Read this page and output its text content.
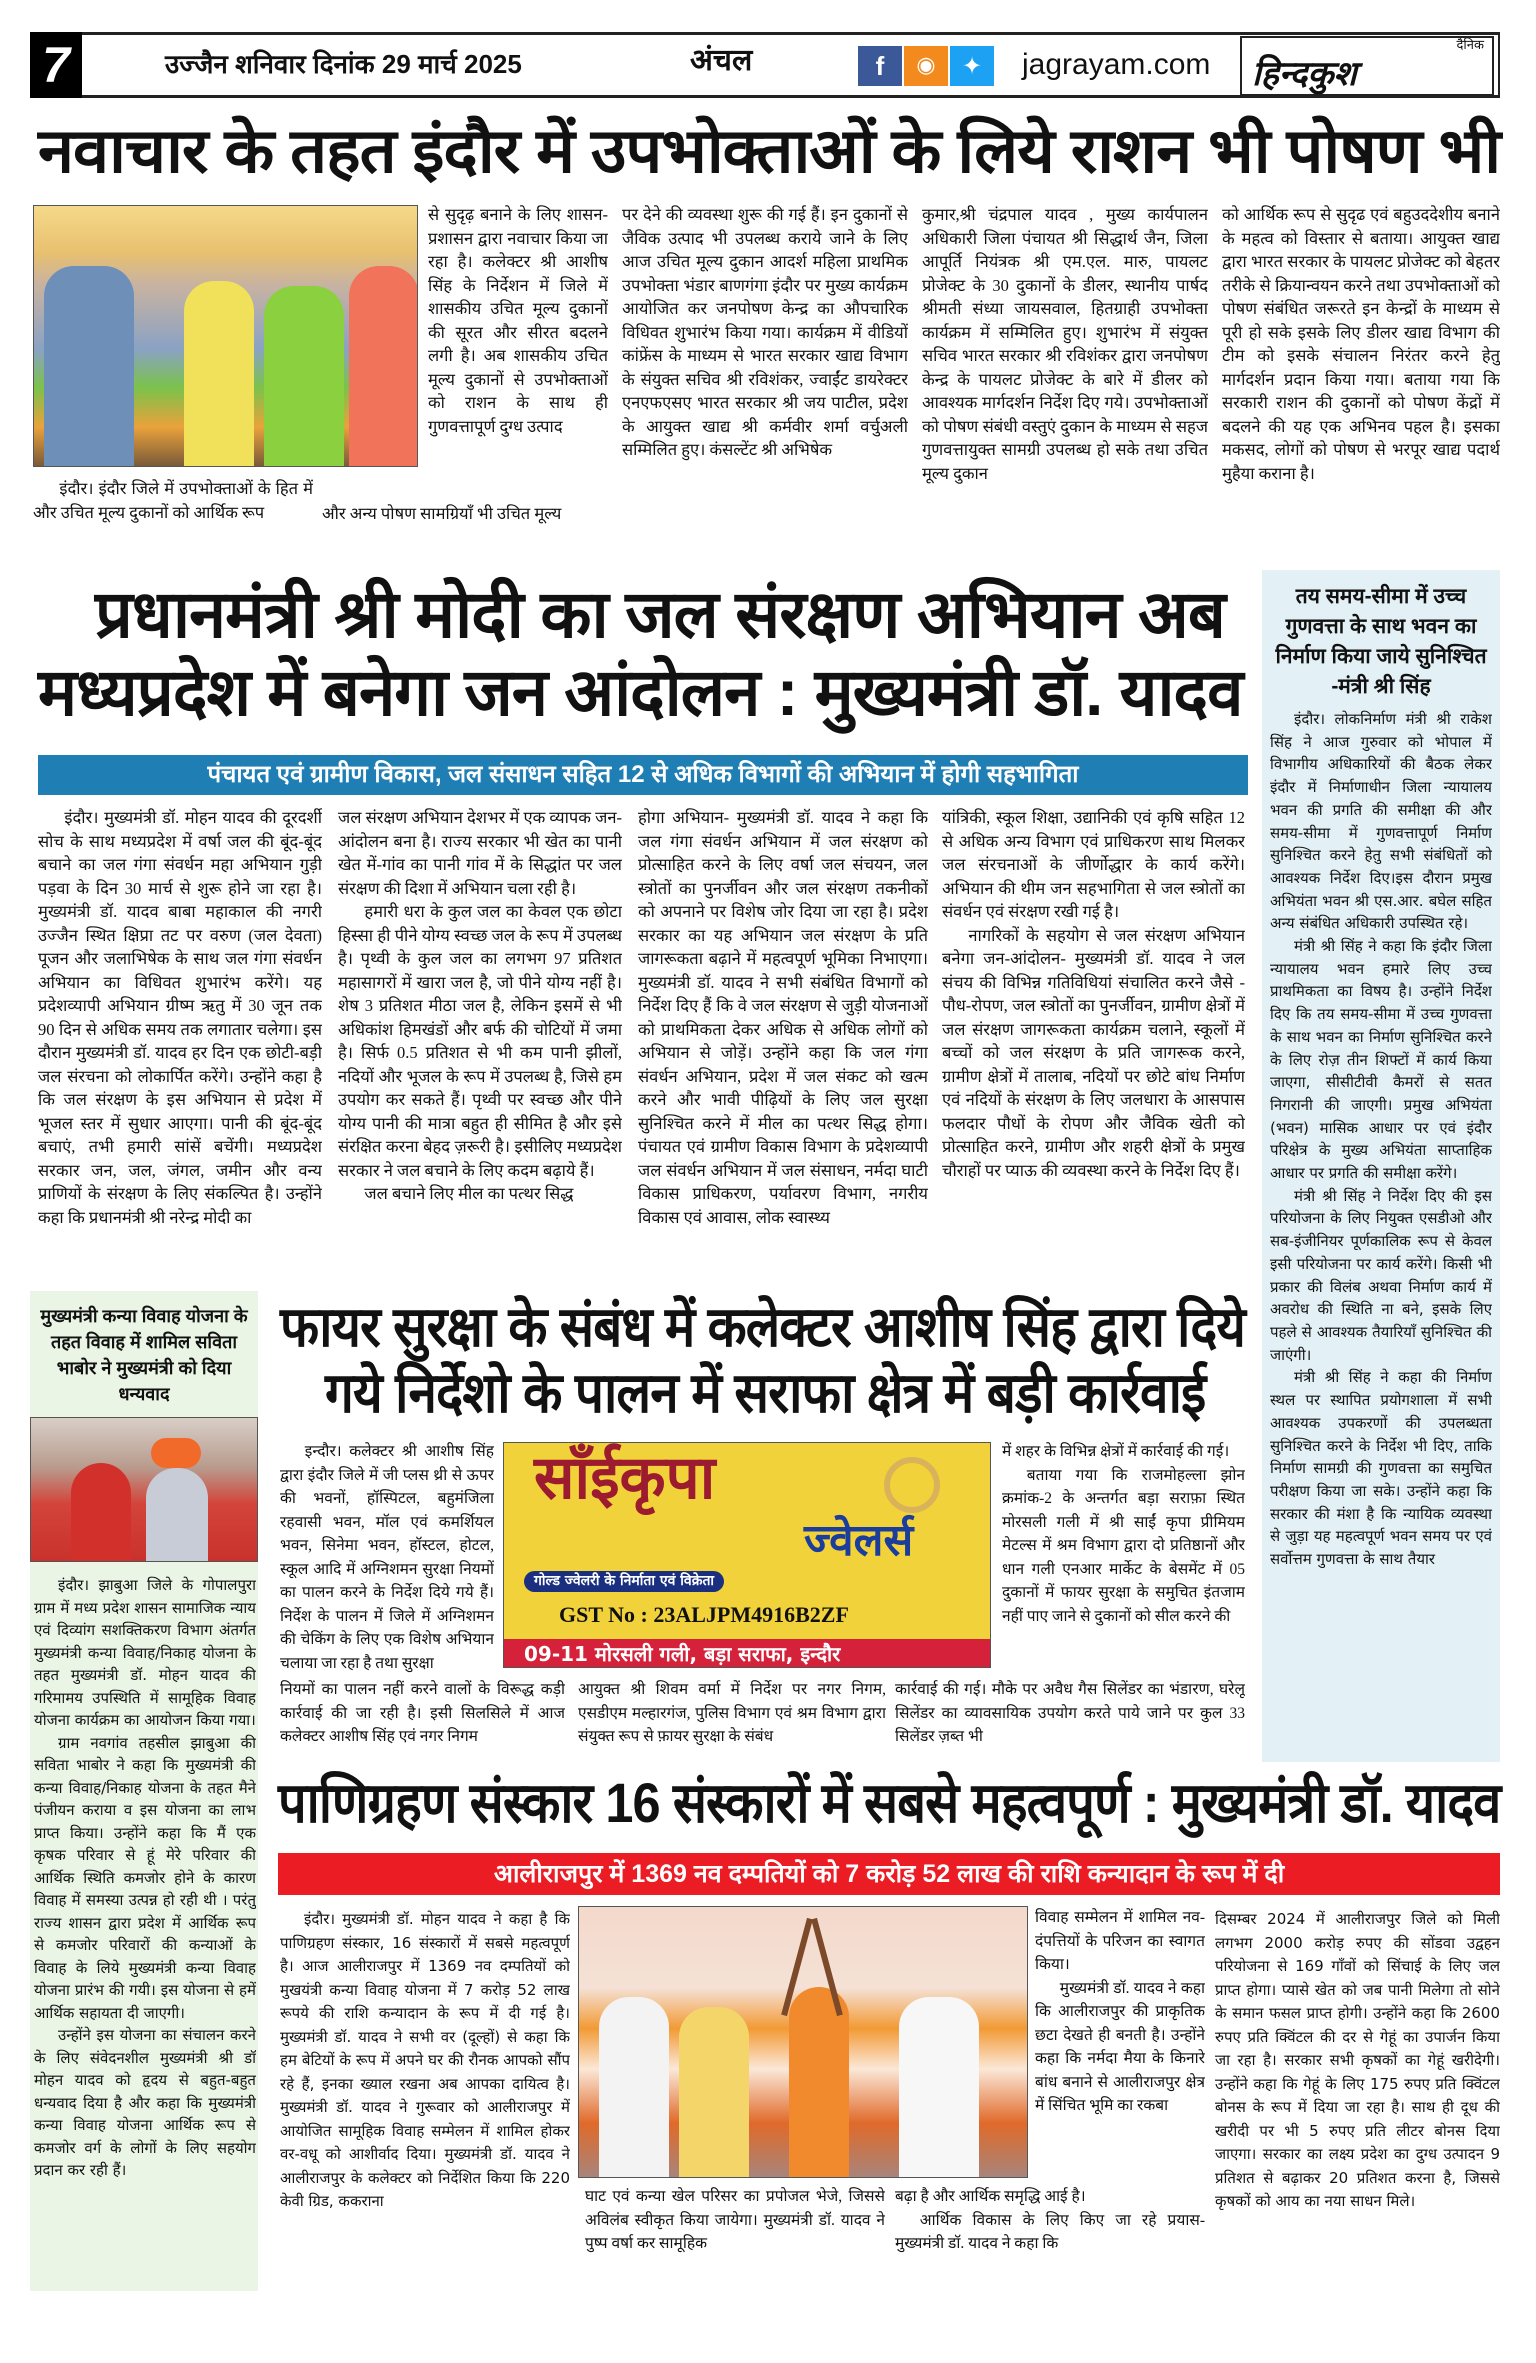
7	उज्जैन शनिवार दिनांक 29 मार्च 2025	अंचल	f	◉	✦	jagrayam.com
दैनिक
हिन्दकुश
नवाचार के तहत इंदौर में उपभोक्ताओं के लिये राशन भी पोषण भी

इंदौर। इंदौर जिले में उपभोक्ताओं के हित में और उचित मूल्य दुकानों को आर्थिक रूप

से सुदृढ़ बनाने के लिए शासन-प्रशासन द्वारा नवाचार किया जा रहा है। कलेक्टर श्री आशीष सिंह के निर्देशन में जिले में शासकीय उचित मूल्य दुकानों की सूरत और सीरत बदलने लगी है। अब शासकीय उचित मूल्य दुकानों से उपभोक्ताओं को राशन के साथ ही गुणवत्तापूर्ण दुग्ध उत्पाद

और अन्य पोषण सामग्रियाँ भी उचित मूल्य

पर देने की व्यवस्था शुरू की गई हैं। इन दुकानों से जैविक उत्पाद भी उपलब्ध कराये जाने के लिए आज उचित मूल्य दुकान आदर्श महिला प्राथमिक उपभोक्ता भंडार बाणगंगा इंदौर पर मुख्य कार्यक्रम आयोजित कर जनपोषण केन्द्र का औपचारिक विधिवत शुभारंभ किया गया। कार्यक्रम में वीडियों कांफ्रेंस के माध्यम से भारत सरकार खाद्य विभाग के संयुक्त सचिव श्री रविशंकर, ज्वाईंट डायरेक्टर एनएफएसए भारत सरकार श्री जय पाटील, प्रदेश के आयुक्त खाद्य श्री कर्मवीर शर्मा वर्चुअली सम्मिलित हुए। कंसल्टेंट श्री अभिषेक

कुमार,श्री चंद्रपाल यादव , मुख्य कार्यपालन अधिकारी जिला पंचायत श्री सिद्धार्थ जैन, जिला आपूर्ति नियंत्रक श्री एम.एल. मारु, पायलट प्रोजेक्ट के 30 दुकानों के डीलर, स्थानीय पार्षद श्रीमती संध्या जायसवाल, हितग्राही उपभोक्ता कार्यक्रम में सम्मिलित हुए। शुभारंभ में संयुक्त सचिव भारत सरकार श्री रविशंकर द्वारा जनपोषण केन्द्र के पायलट प्रोजेक्ट के बारे में डीलर को आवश्यक मार्गदर्शन निर्देश दिए गये। उपभोक्ताओं को पोषण संबंधी वस्तुएं दुकान के माध्यम से सहज गुणवत्तायुक्त सामग्री उपलब्ध हो सके तथा उचित मूल्य दुकान

को आर्थिक रूप से सुदृढ एवं बहुउददेशीय बनाने के महत्व को विस्तार से बताया। आयुक्त खाद्य द्वारा भारत सरकार के पायलट प्रोजेक्ट को बेहतर तरीके से क्रियान्वयन करने तथा उपभोक्ताओं को पोषण संबंधित जरूरते इन केन्द्रों के माध्यम से पूरी हो सके इसके लिए डीलर खाद्य विभाग की टीम को इसके संचालन निरंतर करने हेतु मार्गदर्शन प्रदान किया गया। बताया गया कि सरकारी राशन की दुकानों को पोषण केंद्रों में बदलने की यह एक अभिनव पहल है। इसका मकसद, लोगों को पोषण से भरपूर खाद्य पदार्थ मुहैया कराना है।

प्रधानमंत्री श्री मोदी का जल संरक्षण अभियान अब
मध्यप्रदेश में बनेगा जन आंदोलन : मुख्यमंत्री डॉ. यादव
पंचायत एवं ग्रामीण विकास, जल संसाधन सहित 12 से अधिक विभागों की अभियान में होगी सहभागिता

इंदौर। मुख्यमंत्री डॉ. मोहन यादव की दूरदर्शी सोच के साथ मध्यप्रदेश में वर्षा जल की बूंद-बूंद बचाने का जल गंगा संवर्धन महा अभियान गुड़ी पड़वा के दिन 30 मार्च से शुरू होने जा रहा है। मुख्यमंत्री डॉ. यादव बाबा महाकाल की नगरी उज्जैन स्थित क्षिप्रा तट पर वरुण (जल देवता) पूजन और जलाभिषेक के साथ जल गंगा संवर्धन अभियान का विधिवत शुभारंभ करेंगे। यह प्रदेशव्यापी अभियान ग्रीष्म ऋतु में 30 जून तक 90 दिन से अधिक समय तक लगातार चलेगा। इस दौरान मुख्यमंत्री डॉ. यादव हर दिन एक छोटी-बड़ी जल संरचना को लोकार्पित करेंगे। उन्होंने कहा है कि जल संरक्षण के इस अभियान से प्रदेश में भूजल स्तर में सुधार आएगा। पानी की बूंद-बूंद बचाएं, तभी हमारी सांसें बचेंगी। मध्यप्रदेश सरकार जन, जल, जंगल, जमीन और वन्य प्राणियों के संरक्षण के लिए संकल्पित है। उन्होंने कहा कि प्रधानमंत्री श्री नरेन्द्र मोदी का

जल संरक्षण अभियान देशभर में एक व्यापक जन-आंदोलन बना है। राज्य सरकार भी खेत का पानी खेत में-गांव का पानी गांव में के सिद्धांत पर जल संरक्षण की दिशा में अभियान चला रही है।

हमारी धरा के कुल जल का केवल एक छोटा हिस्सा ही पीने योग्य स्वच्छ जल के रूप में उपलब्ध है। पृथ्वी के कुल जल का लगभग 97 प्रतिशत महासागरों में खारा जल है, जो पीने योग्य नहीं है। शेष 3 प्रतिशत मीठा जल है, लेकिन इसमें से भी अधिकांश हिमखंडों और बर्फ की चोटियों में जमा है। सिर्फ 0.5 प्रतिशत से भी कम पानी झीलों, नदियों और भूजल के रूप में उपलब्ध है, जिसे हम उपयोग कर सकते हैं। पृथ्वी पर स्वच्छ और पीने योग्य पानी की मात्रा बहुत ही सीमित है और इसे संरक्षित करना बेहद ज़रूरी है। इसीलिए मध्यप्रदेश सरकार ने जल बचाने के लिए कदम बढ़ाये हैं।

जल बचाने लिए मील का पत्थर सिद्ध

होगा अभियान- मुख्यमंत्री डॉ. यादव ने कहा कि जल गंगा संवर्धन अभियान में जल संरक्षण को प्रोत्साहित करने के लिए वर्षा जल संचयन, जल स्त्रोतों का पुनर्जीवन और जल संरक्षण तकनीकों को अपनाने पर विशेष जोर दिया जा रहा है। प्रदेश सरकार का यह अभियान जल संरक्षण के प्रति जागरूकता बढ़ाने में महत्वपूर्ण भूमिका निभाएगा। मुख्यमंत्री डॉ. यादव ने सभी संबंधित विभागों को निर्देश दिए हैं कि वे जल संरक्षण से जुड़ी योजनाओं को प्राथमिकता देकर अधिक से अधिक लोगों को अभियान से जोड़ें। उन्होंने कहा कि जल गंगा संवर्धन अभियान, प्रदेश में जल संकट को खत्म करने और भावी पीढ़ियों के लिए जल सुरक्षा सुनिश्चित करने में मील का पत्थर सिद्ध होगा। पंचायत एवं ग्रामीण विकास विभाग के प्रदेशव्यापी जल संवर्धन अभियान में जल संसाधन, नर्मदा घाटी विकास प्राधिकरण, पर्यावरण विभाग, नगरीय विकास एवं आवास, लोक स्वास्थ्य

यांत्रिकी, स्कूल शिक्षा, उद्यानिकी एवं कृषि सहित 12 से अधिक अन्य विभाग एवं प्राधिकरण साथ मिलकर जल संरचनाओं के जीर्णोद्धार के कार्य करेंगे। अभियान की थीम जन सहभागिता से जल स्त्रोतों का संवर्धन एवं संरक्षण रखी गई है।

नागरिकों के सहयोग से जल संरक्षण अभियान बनेगा जन-आंदोलन- मुख्यमंत्री डॉ. यादव ने जल संचय की विभिन्न गतिविधियां संचालित करने जैसे - पौध-रोपण, जल स्त्रोतों का पुनर्जीवन, ग्रामीण क्षेत्रों में जल संरक्षण जागरूकता कार्यक्रम चलाने, स्कूलों में बच्चों को जल संरक्षण के प्रति जागरूक करने, ग्रामीण क्षेत्रों में तालाब, नदियों पर छोटे बांध निर्माण एवं नदियों के संरक्षण के लिए जलधारा के आसपास फलदार पौधों के रोपण और जैविक खेती को प्रोत्साहित करने, ग्रामीण और शहरी क्षेत्रों के प्रमुख चौराहों पर प्याऊ की व्यवस्था करने के निर्देश दिए हैं।

तय समय-सीमा में उच्च गुणवत्ता के साथ भवन का निर्माण किया जाये सुनिश्चित -मंत्री श्री सिंह

इंदौर। लोकनिर्माण मंत्री श्री राकेश सिंह ने आज गुरुवार को भोपाल में विभागीय अधिकारियों की बैठक लेकर इंदौर में निर्माणाधीन जिला न्यायालय भवन की प्रगति की समीक्षा की और समय-सीमा में गुणवत्तापूर्ण निर्माण सुनिश्चित करने हेतु सभी संबंधितों को आवश्यक निर्देश दिए।इस दौरान प्रमुख अभियंता भवन श्री एस.आर. बघेल सहित अन्य संबंधित अधिकारी उपस्थित रहे।

मंत्री श्री सिंह ने कहा कि इंदौर जिला न्यायालय भवन हमारे लिए उच्च प्राथमिकता का विषय है। उन्होंने निर्देश दिए कि तय समय-सीमा में उच्च गुणवत्ता के साथ भवन का निर्माण सुनिश्चित करने के लिए रोज़ तीन शिफ्टों में कार्य किया जाएगा, सीसीटीवी कैमरों से सतत निगरानी की जाएगी। प्रमुख अभियंता (भवन) मासिक आधार पर एवं इंदौर परिक्षेत्र के मुख्य अभियंता साप्ताहिक आधार पर प्रगति की समीक्षा करेंगे।

मंत्री श्री सिंह ने निर्देश दिए की इस परियोजना के लिए नियुक्त एसडीओ और सब-इंजीनियर पूर्णकालिक रूप से केवल इसी परियोजना पर कार्य करेंगे। किसी भी प्रकार की विलंब अथवा निर्माण कार्य में अवरोध की स्थिति ना बने, इसके लिए पहले से आवश्यक तैयारियाँ सुनिश्चित की जाएंगी।

मंत्री श्री सिंह ने कहा की निर्माण स्थल पर स्थापित प्रयोगशाला में सभी आवश्यक उपकरणों की उपलब्धता सुनिश्चित करने के निर्देश भी दिए, ताकि निर्माण सामग्री की गुणवत्ता का समुचित परीक्षण किया जा सके। उन्होंने कहा कि सरकार की मंशा है कि न्यायिक व्यवस्था से जुड़ा यह महत्वपूर्ण भवन समय पर एवं सर्वोत्तम गुणवत्ता के साथ तैयार

मुख्यमंत्री कन्या विवाह योजना के तहत विवाह में शामिल सविता भाबोर ने मुख्यमंत्री को दिया धन्यवाद

इंदौर। झाबुआ जिले के गोपालपुरा ग्राम में मध्य प्रदेश शासन सामाजिक न्याय एवं दिव्यांग सशक्तिकरण विभाग अंतर्गत मुख्यमंत्री कन्या विवाह/निकाह योजना के तहत मुख्यमंत्री डॉ. मोहन यादव की गरिमामय उपस्थिति में सामूहिक विवाह योजना कार्यक्रम का आयोजन किया गया।

ग्राम नवगांव तहसील झाबुआ की सविता भाबोर ने कहा कि मुख्यमंत्री की कन्या विवाह/निकाह योजना के तहत मैने पंजीयन कराया व इस योजना का लाभ प्राप्त किया। उन्होंने कहा कि मैं एक कृषक परिवार से हूं मेरे परिवार की आर्थिक स्थिति कमजोर होने के कारण विवाह में समस्या उत्पन्न हो रही थी । परंतु राज्य शासन द्वारा प्रदेश में आर्थिक रूप से कमजोर परिवारों की कन्याओं के विवाह के लिये मुख्यमंत्री कन्या विवाह योजना प्रारंभ की गयी। इस योजना से हमें आर्थिक सहायता दी जाएगी।

उन्होंने इस योजना का संचालन करने के लिए संवेदनशील मुख्यमंत्री श्री डॉ मोहन यादव को हृदय से बहुत-बहुत धन्यवाद दिया है और कहा कि मुख्यमंत्री कन्या विवाह योजना आर्थिक रूप से कमजोर वर्ग के लोगों के लिए सहयोग प्रदान कर रही हैं।

फायर सुरक्षा के संबंध में कलेक्टर आशीष सिंह द्वारा दिये
गये निर्देशो के पालन में सराफा क्षेत्र में बड़ी कार्रवाई
साँईकृपा
ज्वेलर्स
गोल्ड ज्वेलरी के निर्माता एवं विक्रेता
GST No : 23ALJPM4916B2ZF
09-11 मोरसली गली, बड़ा सराफा, इन्दौर

इन्दौर। कलेक्टर श्री आशीष सिंह द्वारा इंदौर जिले में जी प्लस थ्री से ऊपर की भवनों, हॉस्पिटल, बहुमंजिला रहवासी भवन, मॉल एवं कमर्शियल भवन, सिनेमा भवन, हॉस्टल, होटल, स्कूल आदि में अग्निशमन सुरक्षा नियमों का पालन करने के निर्देश दिये गये हैं। निर्देश के पालन में जिले में अग्निशमन की चेकिंग के लिए एक विशेष अभियान चलाया जा रहा है तथा सुरक्षा

में शहर के विभिन्न क्षेत्रों में कार्रवाई की गई।

बताया गया कि राजमोहल्ला झोन क्रमांक-2 के अन्तर्गत बड़ा सराफ़ा स्थित मोरसली गली में श्री साईं कृपा प्रीमियम मेटल्स में श्रम विभाग द्वारा दो प्रतिष्ठानों और धान गली एनआर मार्केट के बेसमेंट में 05 दुकानों में फायर सुरक्षा के समुचित इंतजाम नहीं पाए जाने से दुकानों को सील करने की

नियमों का पालन नहीं करने वालों के विरूद्ध कड़ी कार्रवाई की जा रही है। इसी सिलसिले में आज कलेक्टर आशीष सिंह एवं नगर निगम

आयुक्त श्री शिवम वर्मा में निर्देश पर नगर निगम, एसडीएम मल्हारगंज, पुलिस विभाग एवं श्रम विभाग द्वारा संयुक्त रूप से फ़ायर सुरक्षा के संबंध

कार्रवाई की गई। मौके पर अवैध गैस सिलेंडर का भंडारण, घरेलू सिलेंडर का व्यावसायिक उपयोग करते पाये जाने पर कुल 33 सिलेंडर ज़ब्त भी

पाणिग्रहण संस्कार 16 संस्कारों में सबसे महत्वपूर्ण : मुख्यमंत्री डॉ. यादव
आलीराजपुर में 1369 नव दम्पतियों को 7 करोड़ 52 लाख की राशि कन्यादान के रूप में दी

इंदौर। मुख्यमंत्री डॉ. मोहन यादव ने कहा है कि पाणिग्रहण संस्कार, 16 संस्कारों में सबसे महत्वपूर्ण है। आज आलीराजपुर में 1369 नव दम्पतियों को मुखयंत्री कन्या विवाह योजना में 7 करोड़ 52 लाख रूपये की राशि कन्यादान के रूप में दी गई है। मुख्यमंत्री डॉ. यादव ने सभी वर (दूल्हों) से कहा कि हम बेटियों के रूप में अपने घर की रौनक आपको सौंप रहे हैं, इनका ख्याल रखना अब आपका दायित्व है। मुख्यमंत्री डॉ. यादव ने गुरूवार को आलीराजपुर में आयोजित सामूहिक विवाह सम्मेलन में शामिल होकर वर-वधू को आशीर्वाद दिया। मुख्यमंत्री डॉ. यादव ने आलीराजपुर के कलेक्टर को निर्देशित किया कि 220 केवी ग्रिड, ककराना	घाट एवं कन्या खेल परिसर का प्रपोजल भेजे, जिससे अविलंब स्वीकृत किया जायेगा। मुख्यमंत्री डॉ. यादव ने पुष्प वर्षा कर सामूहिक

विवाह सम्मेलन में शामिल नव-दंपत्तियों के परिजन का स्वागत किया।

मुख्यमंत्री डॉ. यादव ने कहा कि आलीराजपुर की प्राकृतिक छटा देखते ही बनती है। उन्होंने कहा कि नर्मदा मैया के किनारे बांध बनाने से आलीराजपुर क्षेत्र में सिंचित भूमि का रकबा

बढ़ा है और आर्थिक समृद्धि आई है।

आर्थिक विकास के लिए किए जा रहे प्रयास- मुख्यमंत्री डॉ. यादव ने कहा कि

दिसम्बर 2024 में आलीराजपुर जिले को मिली लगभग 2000 करोड़ रुपए की सोंडवा उद्वहन परियोजना से 169 गाँवों को सिंचाई के लिए जल प्राप्त होगा। प्यासे खेत को जब पानी मिलेगा तो सोने के समान फसल प्राप्त होगी। उन्होंने कहा कि 2600 रुपए प्रति क्विंटल की दर से गेहूं का उपार्जन किया जा रहा है। सरकार सभी कृषकों का गेहूं खरीदेगी। उन्होंने कहा कि गेहूं के लिए 175 रुपए प्रति क्विंटल बोनस के रूप में दिया जा रहा है। साथ ही दूध की खरीदी पर भी 5 रुपए प्रति लीटर बोनस दिया जाएगा। सरकार का लक्ष्य प्रदेश का दुग्ध उत्पादन 9 प्रतिशत से बढ़ाकर 20 प्रतिशत करना है, जिससे कृषकों को आय का नया साधन मिले।
